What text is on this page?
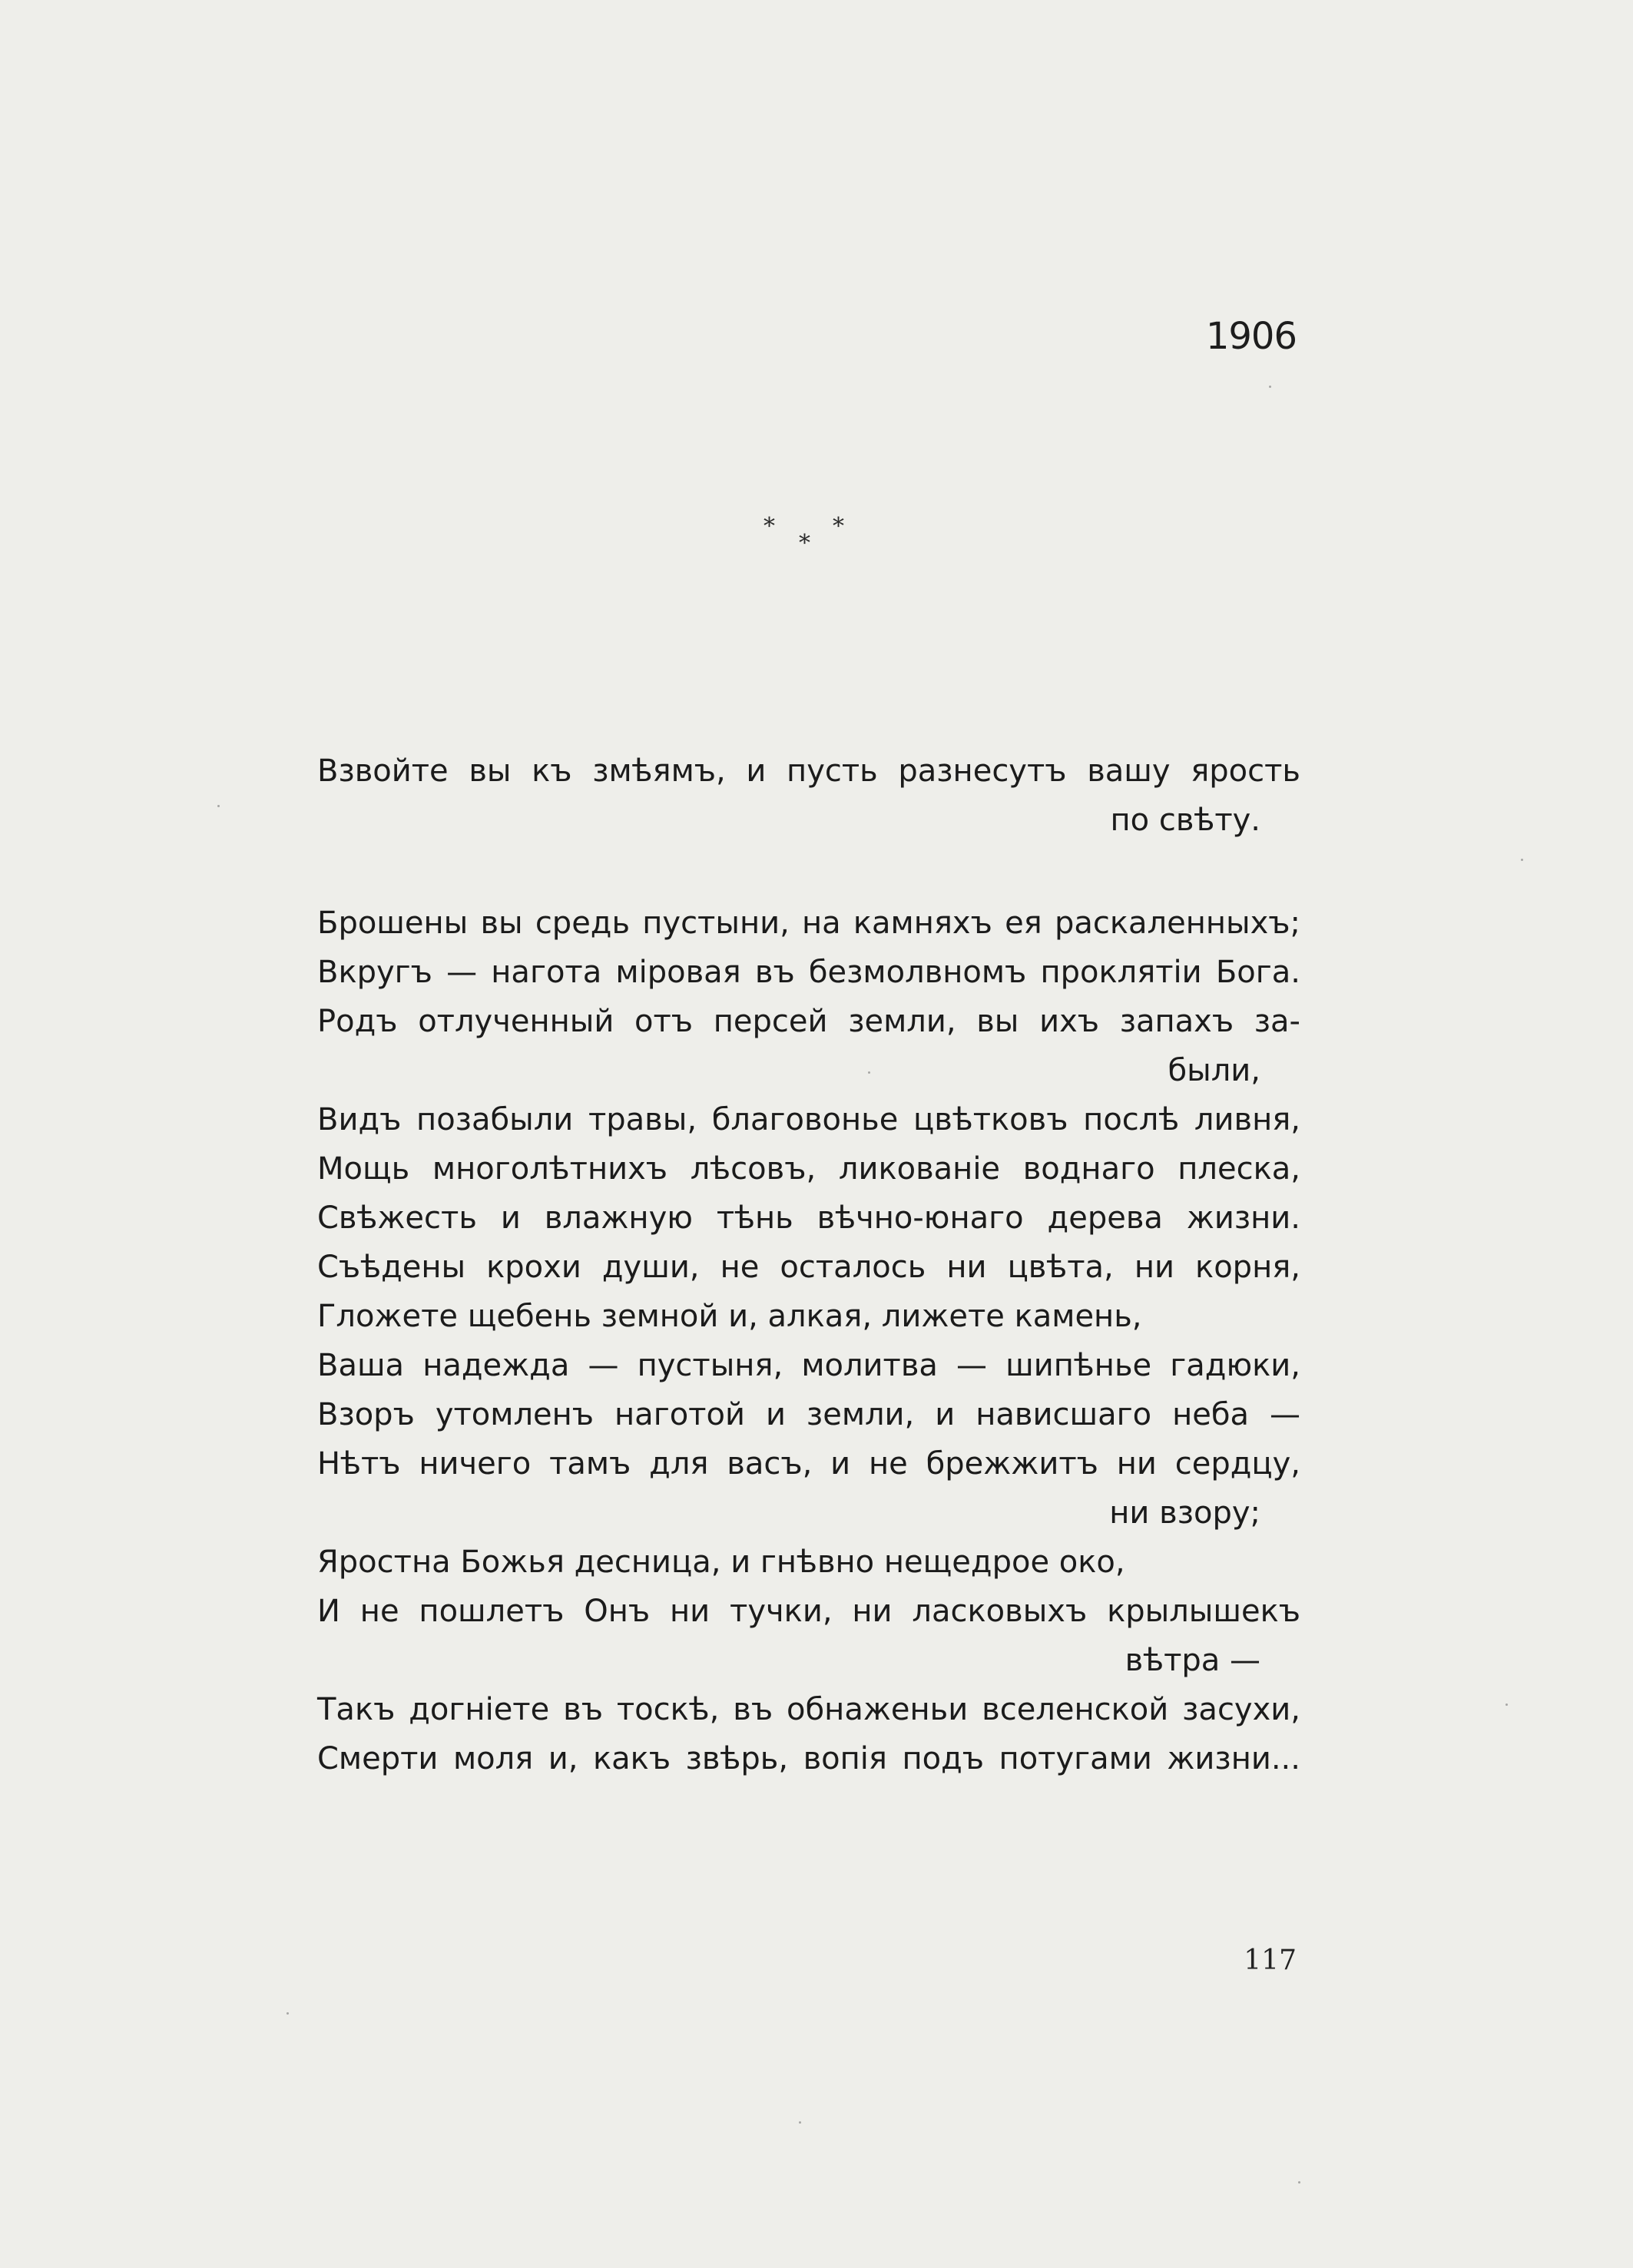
1906
*
*
*
Взвойте вы къ змѣямъ, и пусть разнесутъ вашу ярость
по свѣту.
Брошены вы средь пустыни, на камняхъ ея раскаленныхъ;
Вкругъ — нагота міровая въ безмолвномъ проклятіи Бога.
Родъ отлученный отъ персей земли, вы ихъ запахъ за-
были,
Видъ позабыли травы, благовонье цвѣтковъ послѣ ливня,
Мощь многолѣтнихъ лѣсовъ, ликованіе воднаго плеска,
Свѣжесть и влажную тѣнь вѣчно-юнаго дерева жизни.
Съѣдены крохи души, не осталось ни цвѣта, ни корня,
Гложете щебень земной и, алкая, лижете камень,
Ваша надежда — пустыня, молитва — шипѣнье гадюки,
Взоръ утомленъ наготой и земли, и нависшаго неба —
Нѣтъ ничего тамъ для васъ, и не брежжитъ ни сердцу,
ни взору;
Яростна Божья десница, и гнѣвно нещедрое око,
И не пошлетъ Онъ ни тучки, ни ласковыхъ крылышекъ
вѣтра —
Такъ догніете въ тоскѣ, въ обнаженьи вселенской засухи,
Смерти моля и, какъ звѣрь, вопія подъ потугами жизни...
117
